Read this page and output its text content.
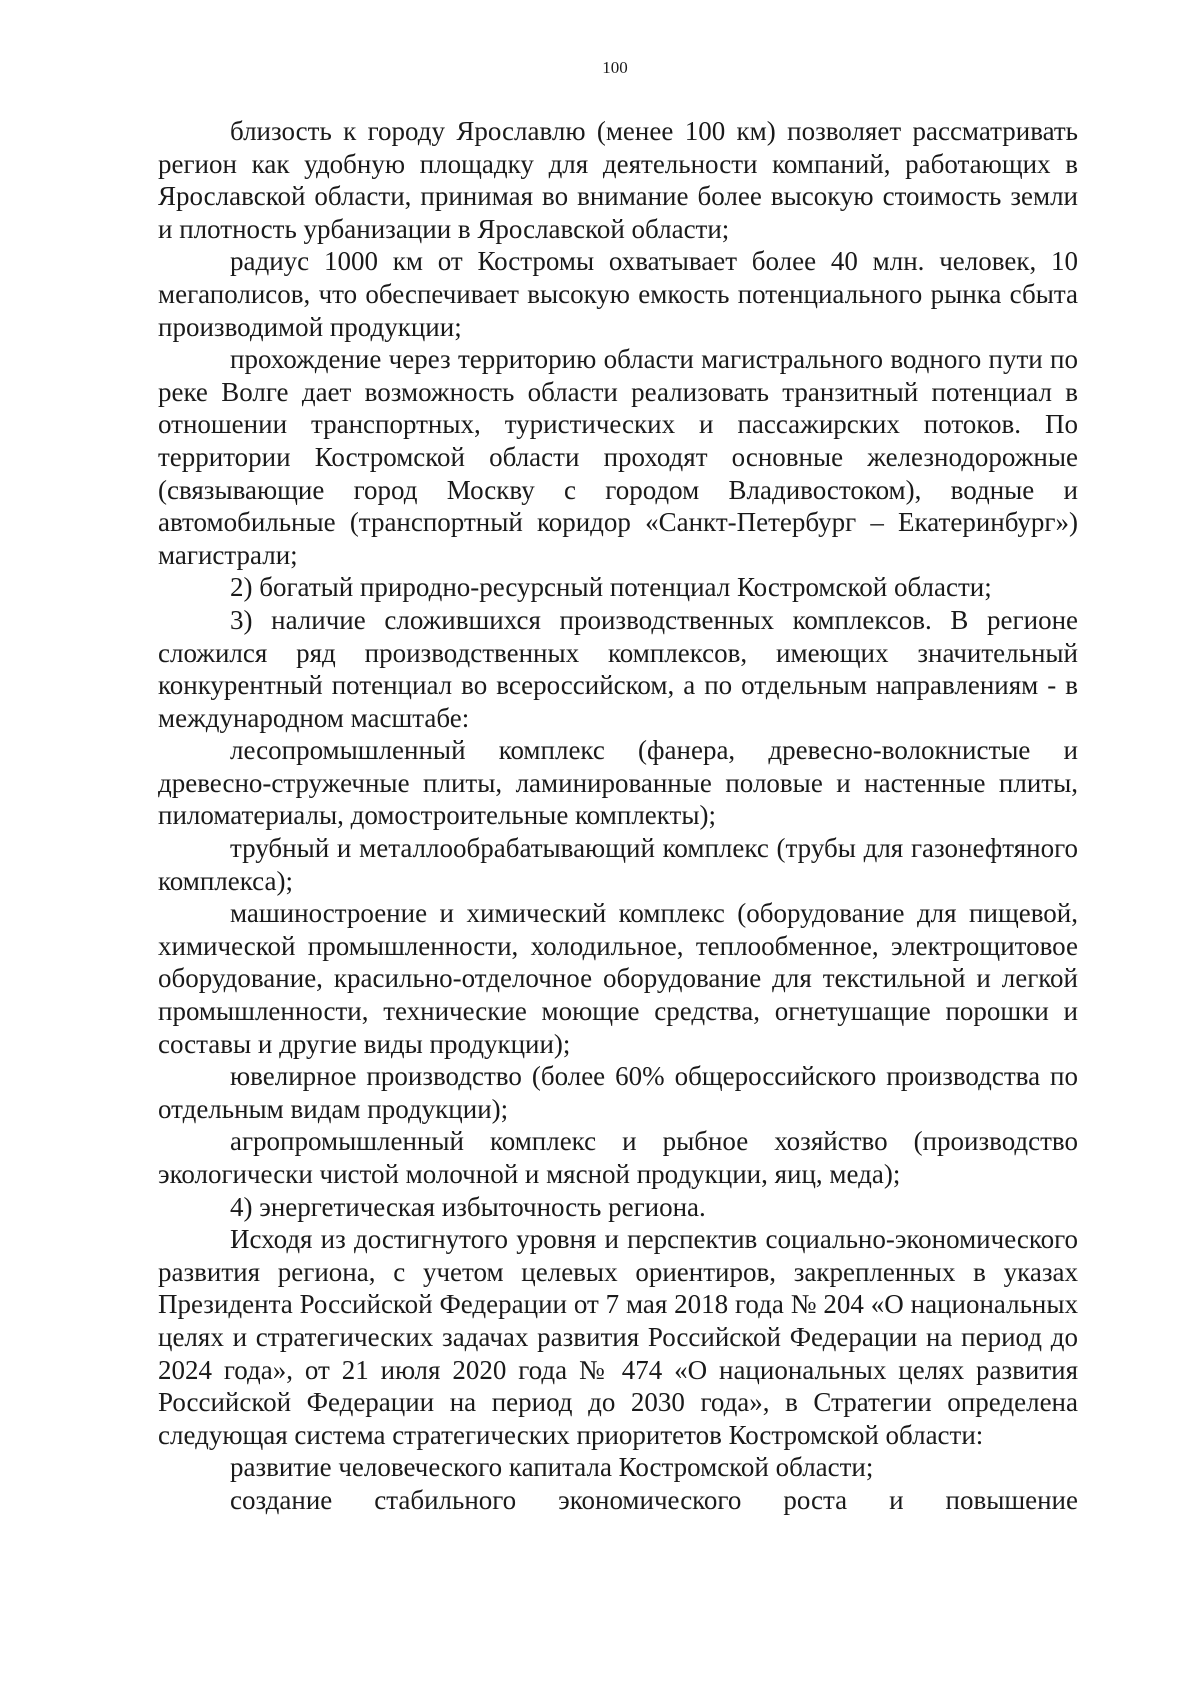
100

близость к городу Ярославлю (менее 100 км) позволяет рассматривать регион как удобную площадку для деятельности компаний, работающих в Ярославской области, принимая во внимание более высокую стоимость земли и плотность урбанизации в Ярославской области;

радиус 1000 км от Костромы охватывает более 40 млн. человек, 10 мегаполисов, что обеспечивает высокую емкость потенциального рынка сбыта производимой продукции;

прохождение через территорию области магистрального водного пути по реке Волге дает возможность области реализовать транзитный потенциал в отношении транспортных, туристических и пассажирских потоков. По территории Костромской области проходят основные железнодорожные (связывающие город Москву с городом Владивостоком), водные и автомобильные (транспортный коридор «Санкт-Петербург – Екатеринбург») магистрали;

2) богатый природно-ресурсный потенциал Костромской области;

3) наличие сложившихся производственных комплексов. В регионе сложился ряд производственных комплексов, имеющих значительный конкурентный потенциал во всероссийском, а по отдельным направлениям - в международном масштабе:

лесопромышленный комплекс (фанера, древесно-волокнистые и древесно-стружечные плиты, ламинированные половые и настенные плиты, пиломатериалы, домостроительные комплекты);

трубный и металлообрабатывающий комплекс (трубы для газонефтяного комплекса);

машиностроение и химический комплекс (оборудование для пищевой, химической промышленности, холодильное, теплообменное, электрощитовое оборудование, красильно-отделочное оборудование для текстильной и легкой промышленности, технические моющие средства, огнетушащие порошки и составы и другие виды продукции);

ювелирное производство (более 60% общероссийского производства по отдельным видам продукции);

агропромышленный комплекс и рыбное хозяйство (производство экологически чистой молочной и мясной продукции, яиц, меда);

4) энергетическая избыточность региона.

Исходя из достигнутого уровня и перспектив социально-экономического развития региона, с учетом целевых ориентиров, закрепленных в указах Президента Российской Федерации от 7 мая 2018 года № 204 «О национальных целях и стратегических задачах развития Российской Федерации на период до 2024 года», от 21 июля 2020 года № 474 «О национальных целях развития Российской Федерации на период до 2030 года», в Стратегии определена следующая система стратегических приоритетов Костромской области:

развитие человеческого капитала Костромской области;

создание стабильного экономического роста и повышение
